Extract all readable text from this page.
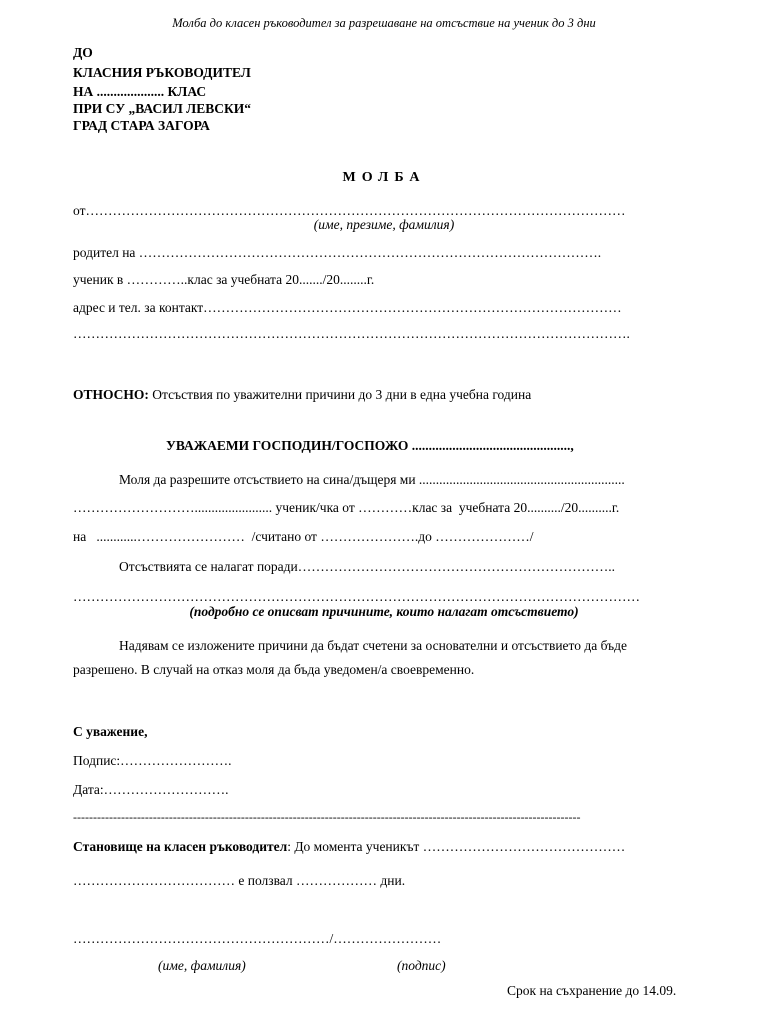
Молба до класен ръководител за разрешаване на отсъствие на ученик до 3 дни
ДО
КЛАСНИЯ РЪКОВОДИТЕЛ
НА .................... КЛАС
ПРИ СУ „ВАСИЛ ЛЕВСКИ“
ГРАД СТАРА ЗАГОРА
МОЛБА
от…………………………………………………………………………………………………………
(име, презиме, фамилия)
родител на ………………………………………………………………………………………….
ученик в …………..клас за учебната 20......./20........г.
адрес и тел. за контакт…………………………………………………………………………………
…………………………………………………………………………………………………………….
ОТНОСНО: Отсъствия по уважителни причини до 3 дни в една учебна година
УВАЖАЕМИ ГОСПОДИН/ГОСПОЖО ...............................................,
Моля да разрешите отсъствието на сина/дъщеря ми .............................................................
………………………....................... ученик/чка от …………клас за  учебната 20........../20..........г.
на   ............……………………  /считано от ………………….до …………………/
Отсъствията се налагат поради……………………………………………………………..
………………………………………………………………………………………………………………
(подробно се описват причините, които налагат отсъствието)
Надявам се изложените причини да бъдат счетени за основателни и отсъствието да бъде
разрешено. В случай на отказ моля да бъда уведомен/а своевременно.
С уважение,
Подпис:…………………….
Дата:……………………….
-------------------------------------------------------------------------------------------------------------------------------
Становище на класен ръководител: До момента ученикът ………………………………………
……………………………… е ползвал ……………… дни.
…………………………………………………/……………………
(име, фамилия)	(подпис)
Срок на съхранение до 14.09.
